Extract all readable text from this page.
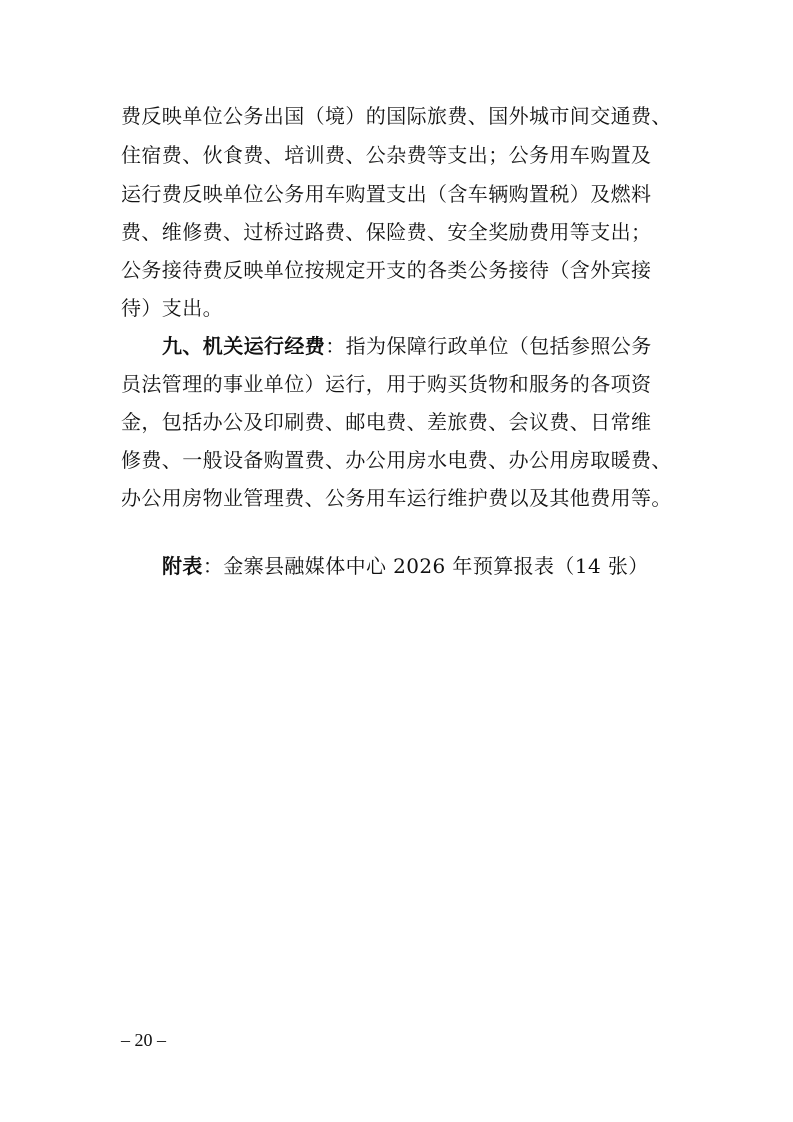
费反映单位公务出国（境）的国际旅费、国外城市间交通费、
住宿费、伙食费、培训费、公杂费等支出；公务用车购置及
运行费反映单位公务用车购置支出（含车辆购置税）及燃料
费、维修费、过桥过路费、保险费、安全奖励费用等支出；
公务接待费反映单位按规定开支的各类公务接待（含外宾接
待）支出。
九、机关运行经费：指为保障行政单位（包括参照公务
员法管理的事业单位）运行，用于购买货物和服务的各项资
金，包括办公及印刷费、邮电费、差旅费、会议费、日常维
修费、一般设备购置费、办公用房水电费、办公用房取暖费、
办公用房物业管理费、公务用车运行维护费以及其他费用等。
附表：金寨县融媒体中心 2026 年预算报表（14 张）
– 20 –
